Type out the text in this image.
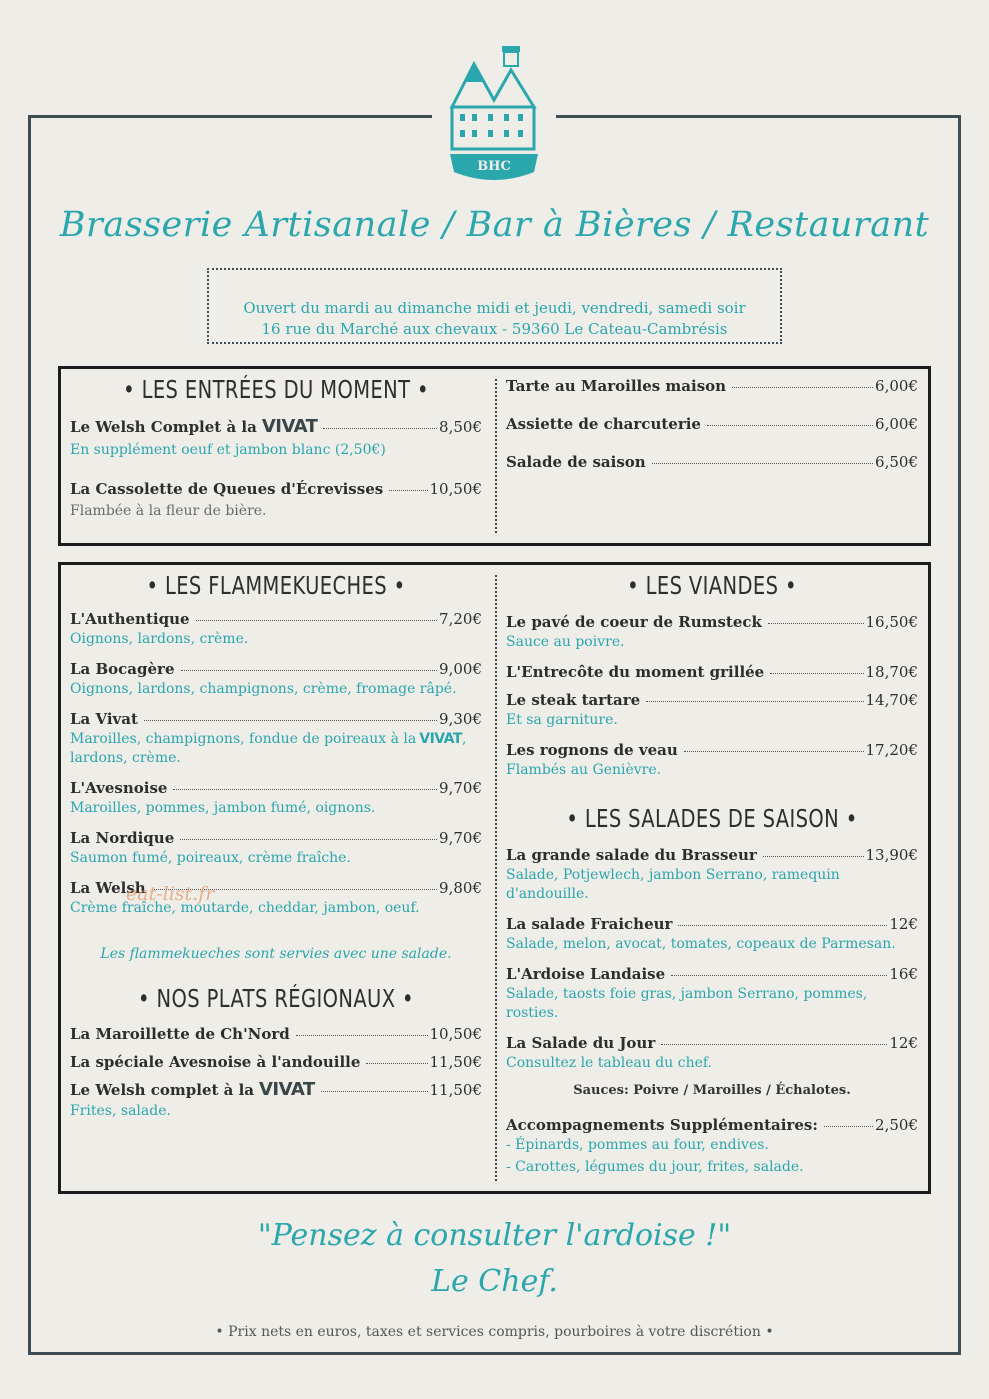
BHC
Brasserie Artisanale / Bar à Bières / Restaurant
Ouvert du mardi au dimanche midi et jeudi, vendredi, samedi soir
16 rue du Marché aux chevaux - 59360 Le Cateau-Cambrésis
• LES ENTRÉES DU MOMENT •
Le Welsh Complet à la VIVAT	8,50€
En supplément oeuf et jambon blanc (2,50€)
La Cassolette de Queues d'Écrevisses	10,50€
Flambée à la fleur de bière.
Tarte au Maroilles maison	6,00€
Assiette de charcuterie	6,00€
Salade de saison	6,50€
• LES FLAMMEKUECHES •
L'Authentique	7,20€
Oignons, lardons, crème.
La Bocagère	9,00€
Oignons, lardons, champignons, crème, fromage râpé.
La Vivat	9,30€
Maroilles, champignons, fondue de poireaux à la VIVAT,
lardons, crème.
L'Avesnoise	9,70€
Maroilles, pommes, jambon fumé, oignons.
La Nordique	9,70€
Saumon fumé, poireaux, crème fraîche.
La Welsh	9,80€
Crème fraîche, moutarde, cheddar, jambon, oeuf.
eat-list.fr
Les flammekueches sont servies avec une salade.
• NOS PLATS RÉGIONAUX •
La Maroillette de Ch'Nord	10,50€
La spéciale Avesnoise à l'andouille	11,50€
Le Welsh complet à la VIVAT	11,50€
Frites, salade.
• LES VIANDES •
Le pavé de coeur de Rumsteck	16,50€
Sauce au poivre.
L'Entrecôte du moment grillée	18,70€
Le steak tartare	14,70€
Et sa garniture.
Les rognons de veau	17,20€
Flambés au Genièvre.
• LES SALADES DE SAISON •
La grande salade du Brasseur	13,90€
Salade, Potjewlech, jambon Serrano, ramequin d'andouille.
La salade Fraicheur	12€
Salade, melon, avocat, tomates, copeaux de Parmesan.
L'Ardoise Landaise	16€
Salade, taosts foie gras, jambon Serrano, pommes, rosties.
La Salade du Jour	12€
Consultez le tableau du chef.
Sauces: Poivre / Maroilles / Échalotes.
Accompagnements Supplémentaires:	2,50€
- Épinards, pommes au four, endives.
- Carottes, légumes du jour, frites, salade.
"Pensez à consulter l'ardoise !"
Le Chef.
• Prix nets en euros, taxes et services compris, pourboires à votre discrétion •
